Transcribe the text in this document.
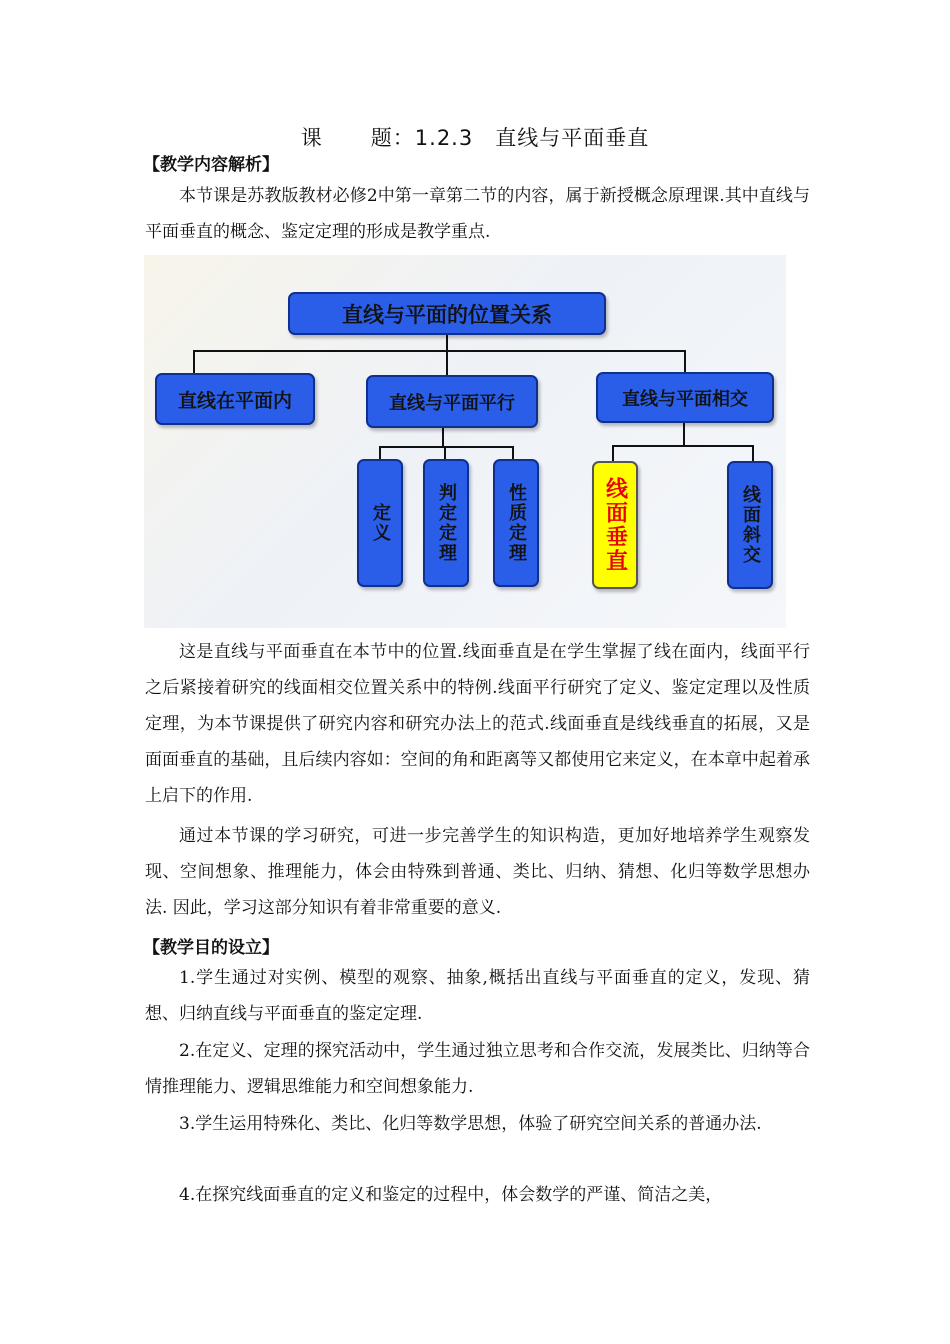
课 题：1.2.3　直线与平面垂直
【教学内容解析】

本节课是苏教版教材必修2中第一章第二节的内容，属于新授概念原理课.其中直线与平面垂直的概念、鉴定定理的形成是教学重点.

直线与平面的位置关系
直线在平面内	直线与平面平行	直线与平面相交
定义	判定定理	性质定理	线面垂直	线面斜交

这是直线与平面垂直在本节中的位置.线面垂直是在学生掌握了线在面内，线面平行之后紧接着研究的线面相交位置关系中的特例.线面平行研究了定义、鉴定定理以及性质定理，为本节课提供了研究内容和研究办法上的范式.线面垂直是线线垂直的拓展，又是面面垂直的基础，且后续内容如：空间的角和距离等又都使用它来定义，在本章中起着承上启下的作用.

通过本节课的学习研究，可进一步完善学生的知识构造，更加好地培养学生观察发现、空间想象、推理能力，体会由特殊到普通、类比、归纳、猜想、化归等数学思想办法. 因此，学习这部分知识有着非常重要的意义.

【教学目的设立】

1.学生通过对实例、模型的观察、抽象,概括出直线与平面垂直的定义，发现、猜想、归纳直线与平面垂直的鉴定定理.

2.在定义、定理的探究活动中，学生通过独立思考和合作交流，发展类比、归纳等合情推理能力、逻辑思维能力和空间想象能力.

3.学生运用特殊化、类比、化归等数学思想，体验了研究空间关系的普通办法.

4.在探究线面垂直的定义和鉴定的过程中，体会数学的严谨、简洁之美，
